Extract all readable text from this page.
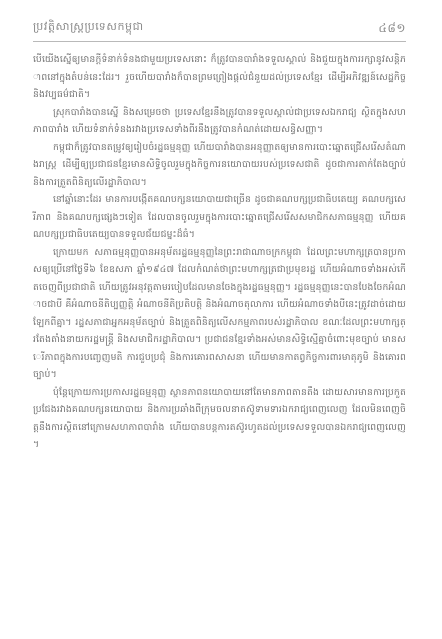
ប្រវត្តិសាស្ត្រប្រទេសកម្ពុជា	៤៨១

បើយើងស្នើឲ្យមានក្តីទំនាក់ទំនងជាមួយប្រទេសនោះ ក៏ត្រូវបានបារាំងទទួលស្គាល់ និងជួយក្នុងការរក្សានូវសន្តិភាពនៅក្នុងតំបន់នេះដែរ។ រួចហើយបារាំងក៏បានព្រមព្រៀងផ្តល់ជំនួយដល់ប្រទេសខ្មែរ ដើម្បីអភិវឌ្ឍន៍សេដ្ឋកិច្ចនិងវប្បធម៌ជាតិ។

ស្រុកបារាំងបានស្នើ និងសម្រេចថា ប្រទេសខ្មែរនឹងត្រូវបានទទួលស្គាល់ជាប្រទេសឯករាជ្យ ស្ថិតក្នុងសហភាពបារាំង ហើយទំនាក់ទំនងរវាងប្រទេសទាំងពីរនឹងត្រូវបានកំណត់ដោយសន្ធិសញ្ញា។

កម្ពុជាក៏ត្រូវបានតម្រូវឲ្យរៀបចំរដ្ឋធម្មនុញ្ញ ហើយបារាំងបានអនុញ្ញាតឲ្យមានការបោះឆ្នោតជ្រើសរើសតំណាងរាស្ត្រ ដើម្បីឲ្យប្រជាជនខ្មែរមានសិទ្ធិចូលរួមក្នុងកិច្ចការនយោបាយរបស់ប្រទេសជាតិ ដូចជាការតាក់តែងច្បាប់ និងការត្រួតពិនិត្យលើរដ្ឋាភិបាល។

នៅឆ្នាំនោះដែរ មានការបង្កើតគណបក្សនយោបាយជាច្រើន ដូចជាគណបក្សប្រជាធិបតេយ្យ គណបក្សសេរីភាព និងគណបក្សផ្សេងៗទៀត ដែលបានចូលរួមក្នុងការបោះឆ្នោតជ្រើសរើសសមាជិកសភាធម្មនុញ្ញ ហើយគណបក្សប្រជាធិបតេយ្យបានទទួលជ័យជម្នះដ៏ធំ។

ក្រោយមក សភាធម្មនុញ្ញបានអនុម័តរដ្ឋធម្មនុញ្ញនៃព្រះរាជាណាចក្រកម្ពុជា ដែលព្រះមហាក្សត្របានប្រកាសឲ្យប្រើនៅថ្ងៃទី៦ ខែឧសភា ឆ្នាំ១៩៤៧ ដែលកំណត់ថាព្រះមហាក្សត្រជាប្រមុខរដ្ឋ ហើយអំណាចទាំងអស់កើតចេញពីប្រជាជាតិ ហើយត្រូវអនុវត្តតាមរបៀបដែលមានចែងក្នុងរដ្ឋធម្មនុញ្ញ។ រដ្ឋធម្មនុញ្ញនេះបានបែងចែកអំណាចជាបី គឺអំណាចនីតិប្បញ្ញត្តិ អំណាចនីតិប្រតិបត្តិ និងអំណាចតុលាការ ហើយអំណាចទាំងបីនេះត្រូវដាច់ដោយឡែកពីគ្នា។ រដ្ឋសភាជាអ្នកអនុម័តច្បាប់ និងត្រួតពិនិត្យលើសកម្មភាពរបស់រដ្ឋាភិបាល ខណៈដែលព្រះមហាក្សត្រតែងតាំងនាយករដ្ឋមន្ត្រី និងសមាជិករដ្ឋាភិបាល។ ប្រជាជនខ្មែរទាំងអស់មានសិទ្ធិស្មើគ្នាចំពោះមុខច្បាប់ មានសេរីភាពក្នុងការបញ្ចេញមតិ ការជួបប្រជុំ និងការគោរពសាសនា ហើយមានកាតព្វកិច្ចការពារមាតុភូមិ និងគោរពច្បាប់។

ប៉ុន្តែក្រោយការប្រកាសរដ្ឋធម្មនុញ្ញ ស្ថានភាពនយោបាយនៅតែមានភាពតានតឹង ដោយសារមានការប្រកួតប្រជែងរវាងគណបក្សនយោបាយ និងការប្រឆាំងពីក្រុមចលនាតស៊ូទាមទារឯករាជ្យពេញលេញ ដែលមិនពេញចិត្តនឹងការស្ថិតនៅក្រោមសហភាពបារាំង ហើយបានបន្តការតស៊ូរហូតដល់ប្រទេសទទួលបានឯករាជ្យពេញលេញ។
